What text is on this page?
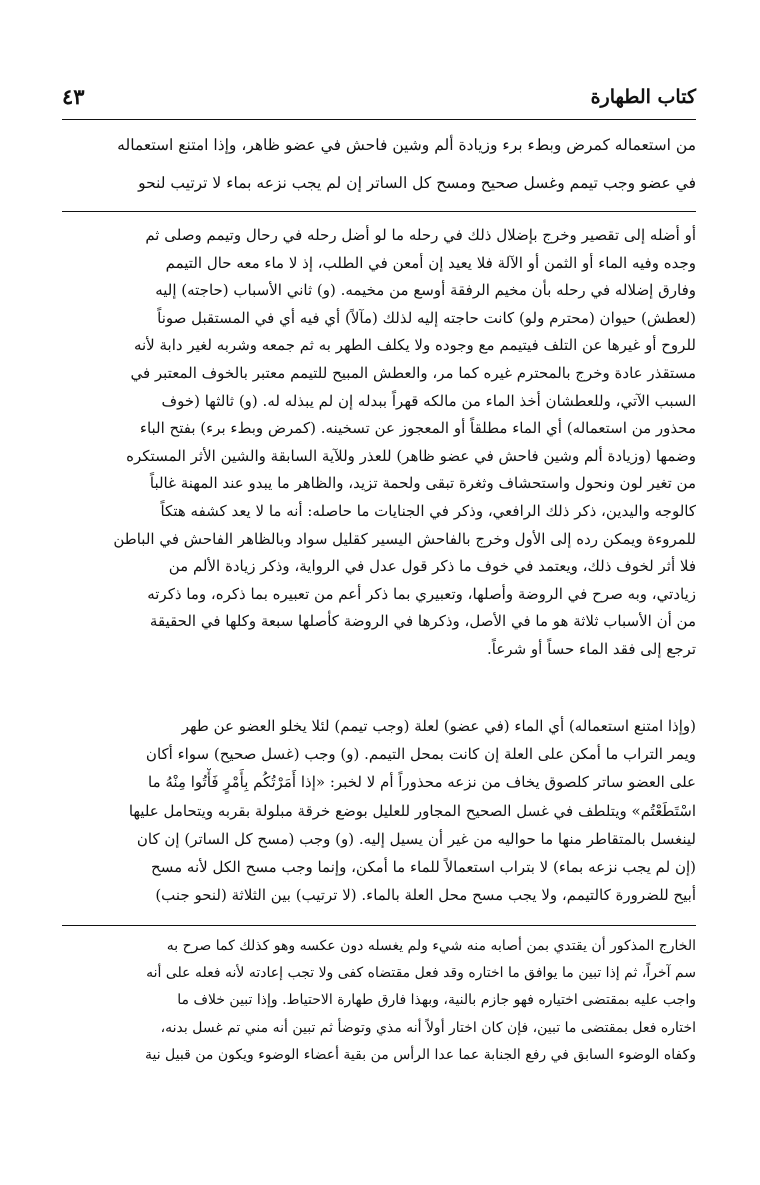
كتاب الطهارة
٤٣
من استعماله كمرض وبطء برء وزيادة ألم وشين فاحش في عضو ظاهر، وإذا امتنع استعماله
في عضو وجب تيمم وغسل صحيح ومسح كل الساتر إن لم يجب نزعه بماء لا ترتيب لنحو
أو أضله إلى تقصير وخرج بإضلال ذلك في رحله ما لو أضل رحله في رحال وتيمم وصلى ثم
وجده وفيه الماء أو الثمن أو الآلة فلا يعيد إن أمعن في الطلب، إذ لا ماء معه حال التيمم
وفارق إضلاله في رحله بأن مخيم الرفقة أوسع من مخيمه. (و) ثاني الأسباب (حاجته) إليه
(لعطش) حيوان (محترم ولو) كانت حاجته إليه لذلك (مآلاً) أي فيه أي في المستقبل صوناً
للروح أو غيرها عن التلف فيتيمم مع وجوده ولا يكلف الطهر به ثم جمعه وشربه لغير دابة لأنه
مستقذر عادة وخرج بالمحترم غيره كما مر، والعطش المبيح للتيمم معتبر بالخوف المعتبر في
السبب الآتي، وللعطشان أخذ الماء من مالكه قهراً ببدله إن لم يبذله له. (و) ثالثها (خوف
محذور من استعماله) أي الماء مطلقاً أو المعجوز عن تسخينه. (كمرض وبطء برء) بفتح الباء
وضمها (وزيادة ألم وشين فاحش في عضو ظاهر) للعذر وللآية السابقة والشين الأثر المستكره
من تغير لون ونحول واستحشاف وثغرة تبقى ولحمة تزيد، والظاهر ما يبدو عند المهنة غالباً
كالوجه واليدين، ذكر ذلك الرافعي، وذكر في الجنايات ما حاصله: أنه ما لا يعد كشفه هتكاً
للمروءة ويمكن رده إلى الأول وخرج بالفاحش اليسير كقليل سواد وبالظاهر الفاحش في الباطن
فلا أثر لخوف ذلك، ويعتمد في خوف ما ذكر قول عدل في الرواية، وذكر زيادة الألم من
زيادتي، وبه صرح في الروضة وأصلها، وتعبيري بما ذكر أعم من تعبيره بما ذكره، وما ذكرته
من أن الأسباب ثلاثة هو ما في الأصل، وذكرها في الروضة كأصلها سبعة وكلها في الحقيقة
ترجع إلى فقد الماء حساً أو شرعاً.
(وإذا امتنع استعماله) أي الماء (في عضو) لعلة (وجب تيمم) لئلا يخلو العضو عن طهر
ويمر التراب ما أمكن على العلة إن كانت بمحل التيمم. (و) وجب (غسل صحيح) سواء أكان
على العضو ساتر كلصوق يخاف من نزعه محذوراً أم لا لخبر: «إذا أَمَرْتُكُم بِأَمْرٍ فَأْتُوا مِنْهُ ما
اسْتَطَعْتُم» ويتلطف في غسل الصحيح المجاور للعليل بوضع خرقة مبلولة بقربه ويتحامل عليها
لينغسل بالمتقاطر منها ما حواليه من غير أن يسيل إليه. (و) وجب (مسح كل الساتر) إن كان
(إن لم يجب نزعه بماء) لا بتراب استعمالاً للماء ما أمكن، وإنما وجب مسح الكل لأنه مسح
أبيح للضرورة كالتيمم، ولا يجب مسح محل العلة بالماء. (لا ترتيب) بين الثلاثة (لنحو جنب)
الخارج المذكور أن يقتدي بمن أصابه منه شيء ولم يغسله دون عكسه وهو كذلك كما صرح به
سم آخراً، ثم إذا تبين ما يوافق ما اختاره وقد فعل مقتضاه كفى ولا تجب إعادته لأنه فعله على أنه
واجب عليه بمقتضى اختياره فهو جازم بالنية، وبهذا فارق طهارة الاحتياط. وإذا تبين خلاف ما
اختاره فعل بمقتضى ما تبين، فإن كان اختار أولاً أنه مذي وتوضأ ثم تبين أنه مني تم غسل بدنه،
وكفاه الوضوء السابق في رفع الجنابة عما عدا الرأس من بقية أعضاء الوضوء ويكون من قبيل نية
